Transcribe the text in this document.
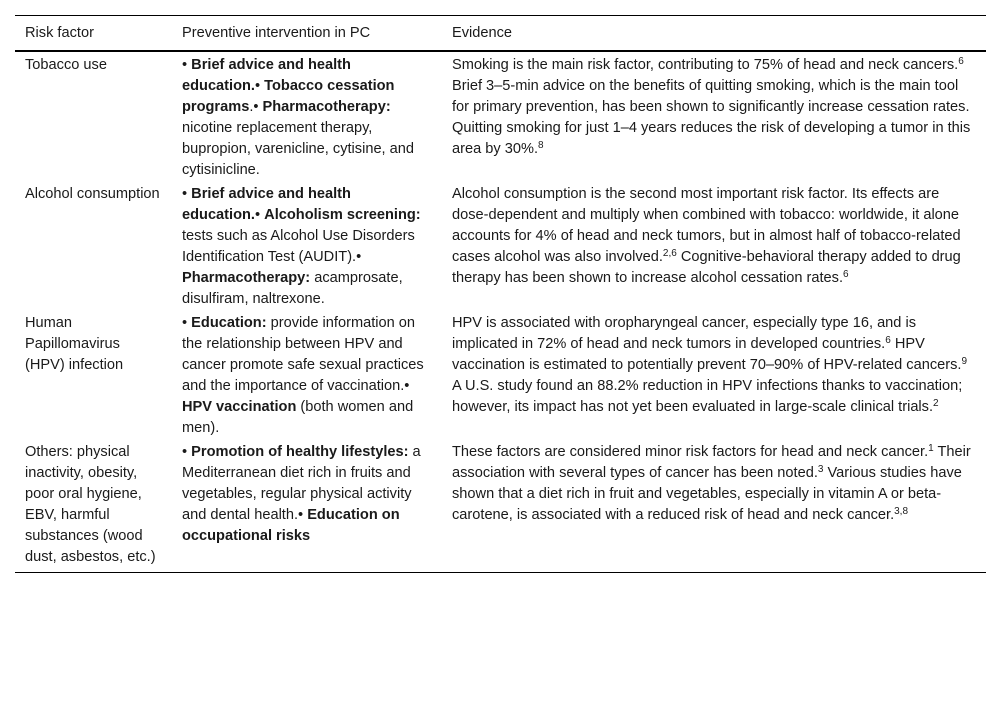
Risk factor	Preventive intervention in PC	Evidence
Tobacco use	• Brief advice and health education.• Tobacco cessation programs.• Pharmacotherapy: nicotine replacement therapy, bupropion, varenicline, cytisine, and cytisinicline.	Smoking is the main risk factor, contributing to 75% of head and neck cancers.$^6$ Brief 3–5-min advice on the benefits of quitting smoking, which is the main tool for primary prevention, has been shown to significantly increase cessation rates. Quitting smoking for just 1–4 years reduces the risk of developing a tumor in this area by 30%.$^8$
Alcohol consumption	• Brief advice and health education.• Alcoholism screening: tests such as Alcohol Use Disorders Identification Test (AUDIT).• Pharmacotherapy: acamprosate, disulfiram, naltrexone.	Alcohol consumption is the second most important risk factor. Its effects are dose-dependent and multiply when combined with tobacco: worldwide, it alone accounts for 4% of head and neck tumors, but in almost half of tobacco-related cases alcohol was also involved.$^{2,6}$ Cognitive-behavioral therapy added to drug therapy has been shown to increase alcohol cessation rates.$^6$
Human Papillomavirus (HPV) infection	• Education: provide information on the relationship between HPV and cancer promote safe sexual practices and the importance of vaccination.• HPV vaccination (both women and men).	HPV is associated with oropharyngeal cancer, especially type 16, and is implicated in 72% of head and neck tumors in developed countries.$^6$ HPV vaccination is estimated to potentially prevent 70–90% of HPV-related cancers.$^9$ A U.S. study found an 88.2% reduction in HPV infections thanks to vaccination; however, its impact has not yet been evaluated in large-scale clinical trials.$^2$
Others: physical inactivity, obesity, poor oral hygiene, EBV, harmful substances (wood dust, asbestos, etc.)	• Promotion of healthy lifestyles: a Mediterranean diet rich in fruits and vegetables, regular physical activity and dental health.• Education on occupational risks	These factors are considered minor risk factors for head and neck cancer.$^1$ Their association with several types of cancer has been noted.$^3$ Various studies have shown that a diet rich in fruit and vegetables, especially in vitamin A or beta-carotene, is associated with a reduced risk of head and neck cancer.$^{3,8}$
